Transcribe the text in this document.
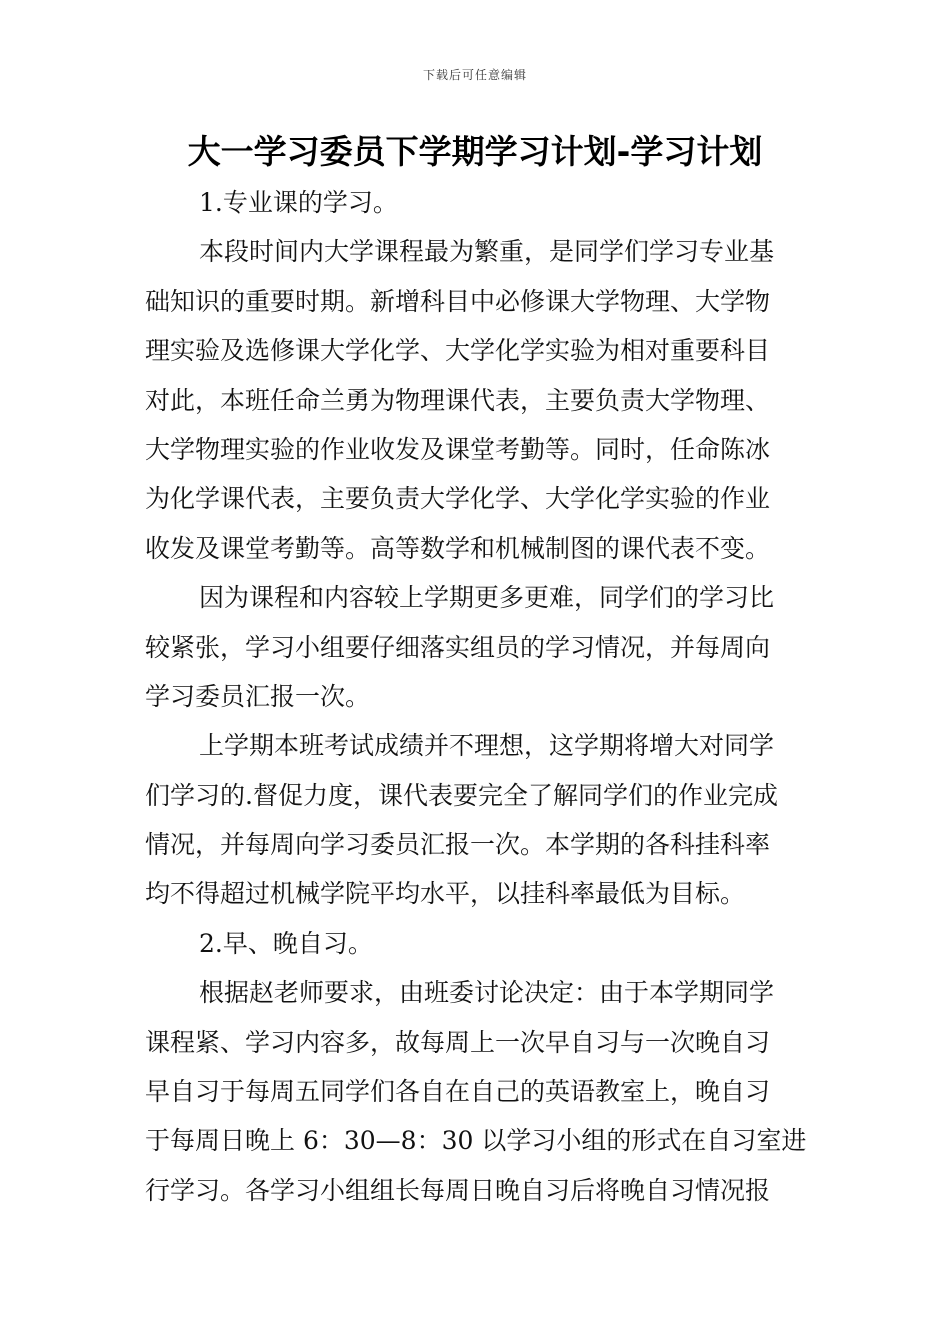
下载后可任意编辑
大一学习委员下学期学习计划-学习计划
1.专业课的学习。
本段时间内大学课程最为繁重，是同学们学习专业基
础知识的重要时期。新增科目中必修课大学物理、大学物
理实验及选修课大学化学、大学化学实验为相对重要科目
对此，本班任命兰勇为物理课代表，主要负责大学物理、
大学物理实验的作业收发及课堂考勤等。同时，任命陈冰
为化学课代表，主要负责大学化学、大学化学实验的作业
收发及课堂考勤等。高等数学和机械制图的课代表不变。
因为课程和内容较上学期更多更难，同学们的学习比
较紧张，学习小组要仔细落实组员的学习情况，并每周向
学习委员汇报一次。
上学期本班考试成绩并不理想，这学期将增大对同学
们学习的.督促力度，课代表要完全了解同学们的作业完成
情况，并每周向学习委员汇报一次。本学期的各科挂科率
均不得超过机械学院平均水平，以挂科率最低为目标。
2.早、晚自习。
根据赵老师要求，由班委讨论决定：由于本学期同学
课程紧、学习内容多，故每周上一次早自习与一次晚自习
早自习于每周五同学们各自在自己的英语教室上，晚自习
于每周日晚上 6：30—8：30 以学习小组的形式在自习室进
行学习。各学习小组组长每周日晚自习后将晚自习情况报
